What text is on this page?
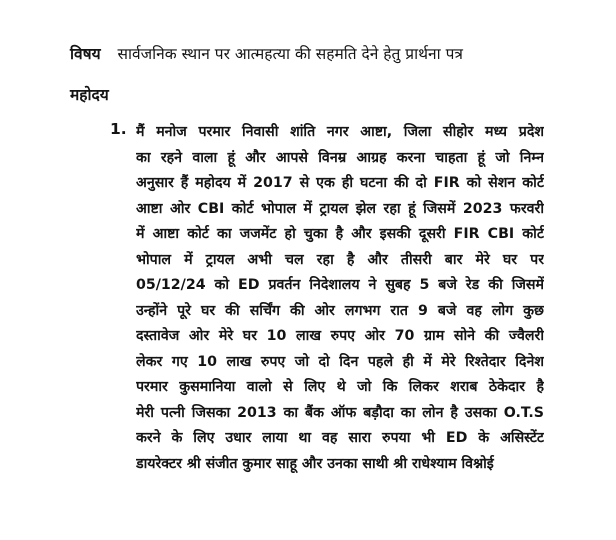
विषय सार्वजनिक स्थान पर आत्महत्या की सहमति देने हेतु प्रार्थना पत्र
महोदय
1. मैं मनोज परमार निवासी शांति नगर आष्टा, जिला सीहोर मध्य प्रदेश
का रहने वाला हूं और आपसे विनम्र आग्रह करना चाहता हूं जो निम्न
अनुसार हैं महोदय में 2017 से एक ही घटना की दो FIR को सेशन कोर्ट
आष्टा ओर CBI कोर्ट भोपाल में ट्रायल झेल रहा हूं जिसमें 2023 फरवरी
में आष्टा कोर्ट का जजमेंट हो चुका है और इसकी दूसरी FIR CBI कोर्ट
भोपाल में ट्रायल अभी चल रहा है और तीसरी बार मेरे घर पर
05/12/24 को ED प्रवर्तन निदेशालय ने सुबह 5 बजे रेड की जिसमें
उन्होंने पूरे घर की सर्चिंग की ओर लगभग रात 9 बजे वह लोग कुछ
दस्तावेज ओर मेरे घर 10 लाख रुपए ओर 70 ग्राम सोने की ज्वैलरी
लेकर गए 10 लाख रुपए जो दो दिन पहले ही में मेरे रिश्तेदार दिनेश
परमार कुसमानिया वालो से लिए थे जो कि लिकर शराब ठेकेदार है
मेरी पत्नी जिसका 2013 का बैंक ऑफ बड़ौदा का लोन है उसका O.T.S
करने के लिए उधार लाया था वह सारा रुपया भी ED के असिस्टेंट
डायरेक्टर श्री संजीत कुमार साहू और उनका साथी श्री राधेश्याम विश्नोई
